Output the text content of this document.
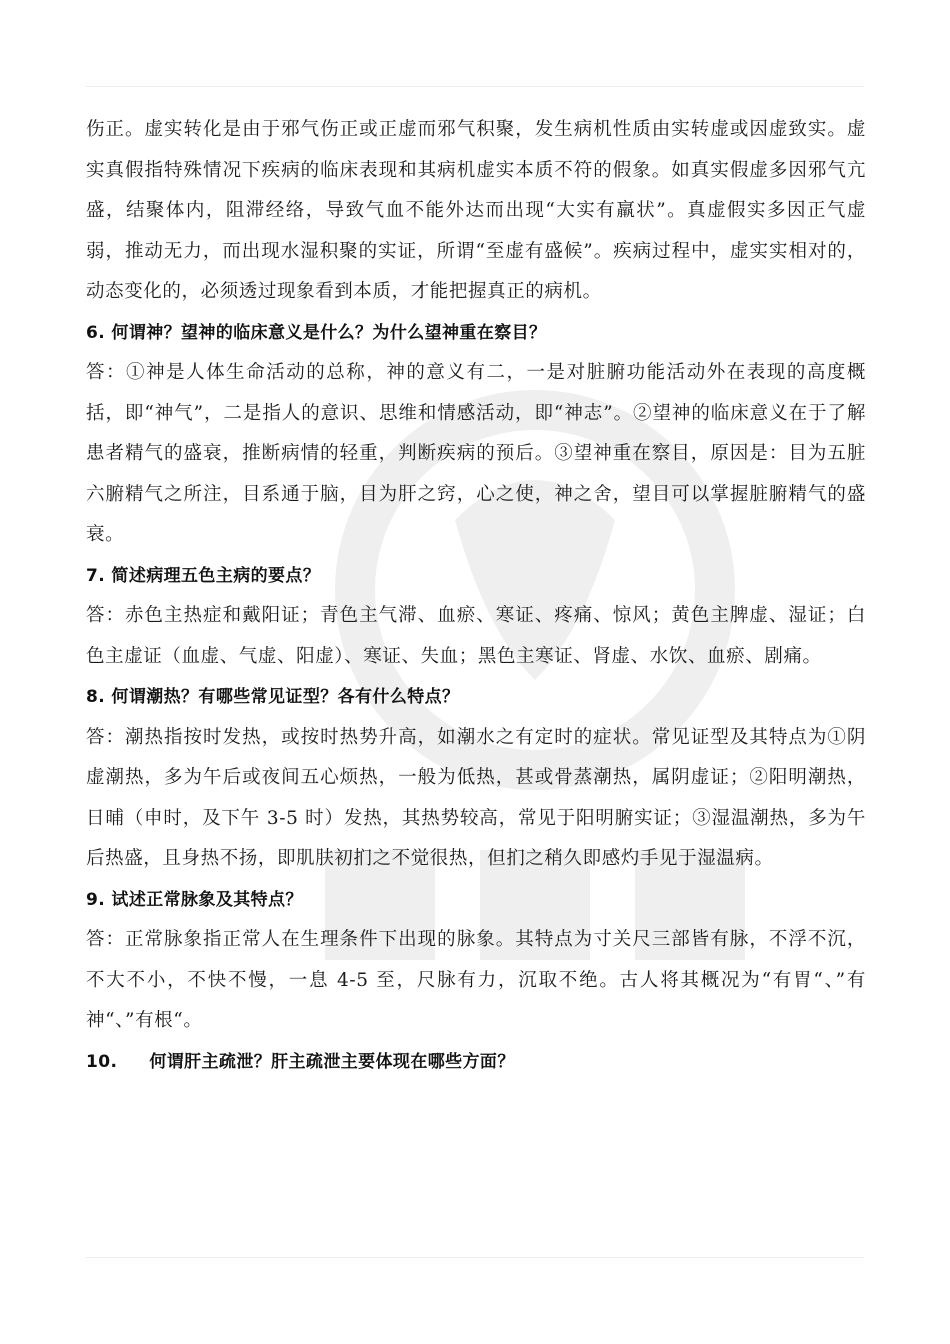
伤正。虚实转化是由于邪气伤正或正虚而邪气积聚，发生病机性质由实转虚或因虚致实。虚实真假指特殊情况下疾病的临床表现和其病机虚实本质不符的假象。如真实假虚多因邪气亢盛，结聚体内，阻滞经络，导致气血不能外达而出现“大实有羸状”。真虚假实多因正气虚弱，推动无力，而出现水湿积聚的实证，所谓“至虚有盛候”。疾病过程中，虚实实相对的，动态变化的，必须透过现象看到本质，才能把握真正的病机。

6. 何谓神？望神的临床意义是什么？为什么望神重在察目？

答：①神是人体生命活动的总称，神的意义有二，一是对脏腑功能活动外在表现的高度概括，即“神气”，二是指人的意识、思维和情感活动，即“神志”。②望神的临床意义在于了解患者精气的盛衰，推断病情的轻重，判断疾病的预后。③望神重在察目，原因是：目为五脏六腑精气之所注，目系通于脑，目为肝之窍，心之使，神之舍，望目可以掌握脏腑精气的盛衰。

7. 简述病理五色主病的要点？

答：赤色主热症和戴阳证；青色主气滞、血瘀、寒证、疼痛、惊风；黄色主脾虚、湿证；白色主虚证（血虚、气虚、阳虚）、寒证、失血；黑色主寒证、肾虚、水饮、血瘀、剧痛。

8. 何谓潮热？有哪些常见证型？各有什么特点？

答：潮热指按时发热，或按时热势升高，如潮水之有定时的症状。常见证型及其特点为①阴虚潮热，多为午后或夜间五心烦热，一般为低热，甚或骨蒸潮热，属阴虚证；②阳明潮热，日晡（申时，及下午 3-5 时）发热，其热势较高，常见于阳明腑实证；③湿温潮热，多为午后热盛，且身热不扬，即肌肤初扪之不觉很热，但扪之稍久即感灼手见于湿温病。

9. 试述正常脉象及其特点？

答：正常脉象指正常人在生理条件下出现的脉象。其特点为寸关尺三部皆有脉，不浮不沉，不大不小，不快不慢，一息 4-5 至，尺脉有力，沉取不绝。古人将其概况为“有胃“、”有神“、”有根“。

10. 何谓肝主疏泄？肝主疏泄主要体现在哪些方面？
